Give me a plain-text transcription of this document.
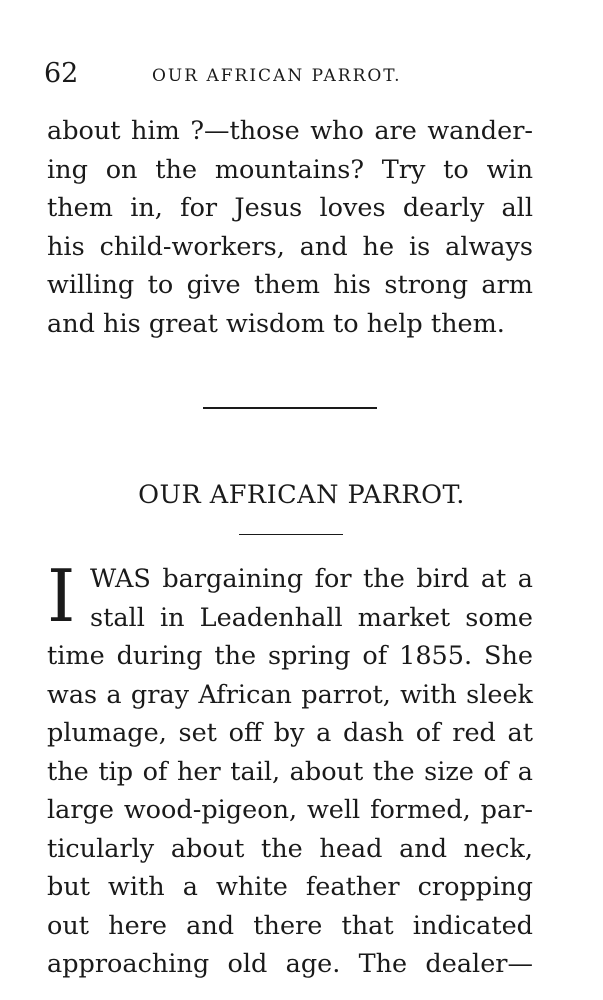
62	OUR AFRICAN PARROT.
about him ?—those who are wander-
ing on the mountains? Try to win
them in, for Jesus loves dearly all
his child-workers, and he is always
willing to give them his strong arm
and his great wisdom to help them.
OUR AFRICAN PARROT.
I WAS bargaining for the bird at a
stall in Leadenhall market some
time during the spring of 1855. She
was a gray African parrot, with sleek
plumage, set off by a dash of red at
the tip of her tail, about the size of a
large wood-pigeon, well formed, par-
ticularly about the head and neck,
but with a white feather cropping
out here and there that indicated
approaching old age. The dealer—
